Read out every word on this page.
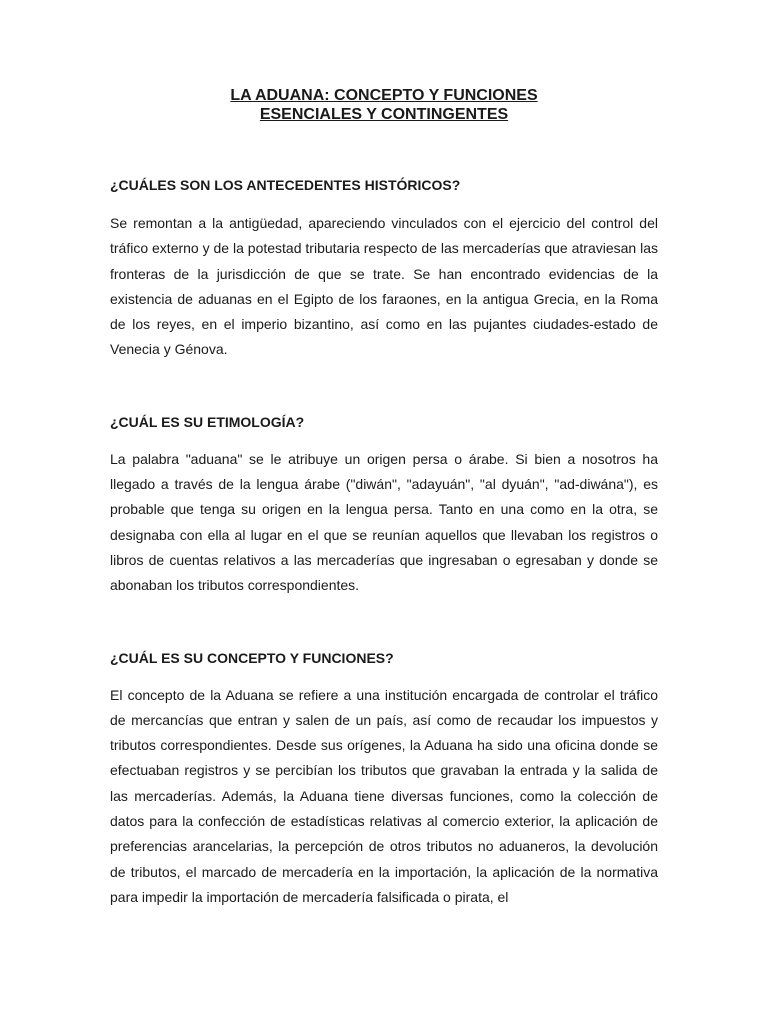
LA ADUANA: CONCEPTO Y FUNCIONES
ESENCIALES Y CONTINGENTES
¿CUÁLES SON LOS ANTECEDENTES HISTÓRICOS?

Se remontan a la antigüedad, apareciendo vinculados con el ejercicio del control del tráfico externo y de la potestad tributaria respecto de las mercaderías que atraviesan las fronteras de la jurisdicción de que se trate. Se han encontrado evidencias de la existencia de aduanas en el Egipto de los faraones, en la antigua Grecia, en la Roma de los reyes, en el imperio bizantino, así como en las pujantes ciudades-estado de Venecia y Génova.

¿CUÁL ES SU ETIMOLOGÍA?

La palabra "aduana" se le atribuye un origen persa o árabe. Si bien a nosotros ha llegado a través de la lengua árabe ("diwán", "adayuán", "al dyuán", "ad-diwána"), es probable que tenga su origen en la lengua persa. Tanto en una como en la otra, se designaba con ella al lugar en el que se reunían aquellos que llevaban los registros o libros de cuentas relativos a las mercaderías que ingresaban o egresaban y donde se abonaban los tributos correspondientes.

¿CUÁL ES SU CONCEPTO Y FUNCIONES?

El concepto de la Aduana se refiere a una institución encargada de controlar el tráfico de mercancías que entran y salen de un país, así como de recaudar los impuestos y tributos correspondientes. Desde sus orígenes, la Aduana ha sido una oficina donde se efectuaban registros y se percibían los tributos que gravaban la entrada y la salida de las mercaderías. Además, la Aduana tiene diversas funciones, como la colección de datos para la confección de estadísticas relativas al comercio exterior, la aplicación de preferencias arancelarias, la percepción de otros tributos no aduaneros, la devolución de tributos, el marcado de mercadería en la importación, la aplicación de la normativa para impedir la importación de mercadería falsificada o pirata, el
